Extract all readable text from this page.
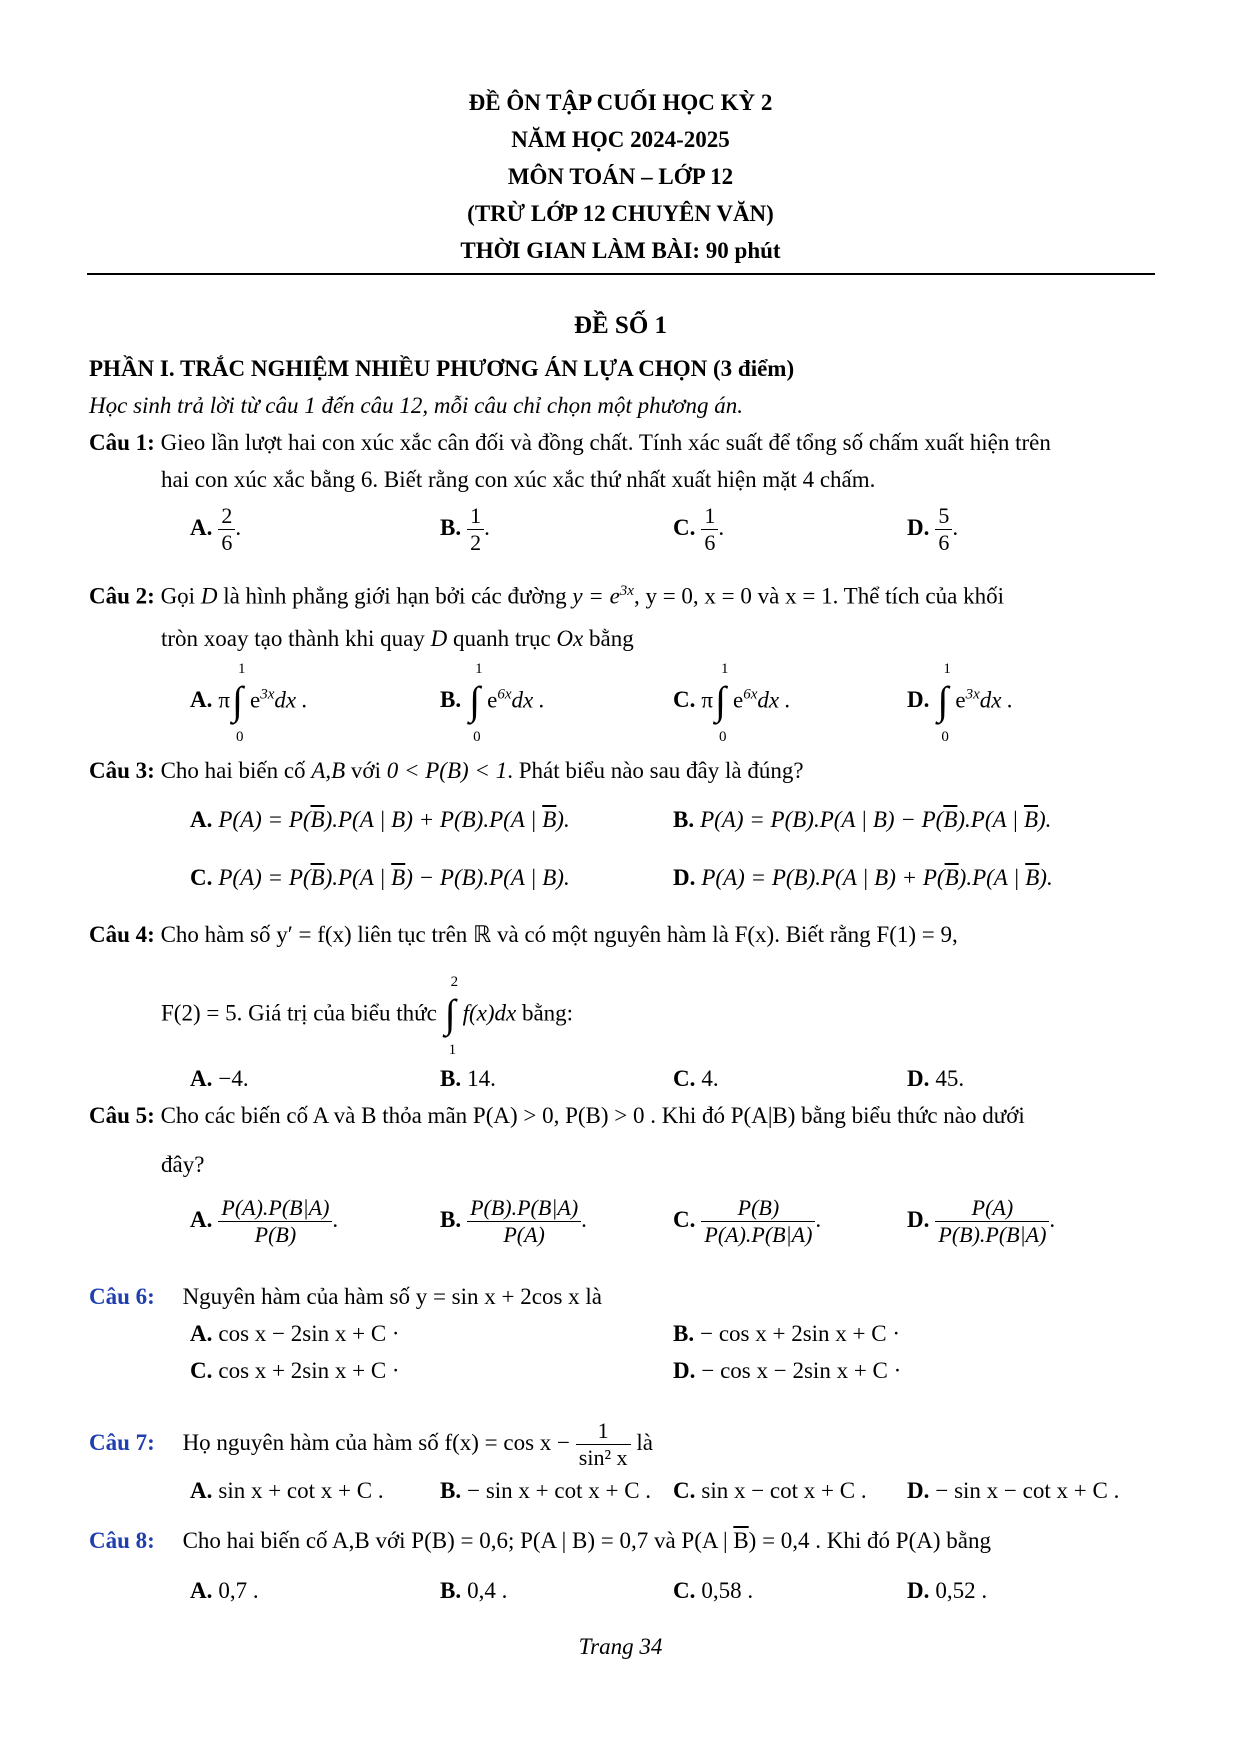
ĐỀ ÔN TẬP CUỐI HỌC KỲ 2
NĂM HỌC 2024-2025
MÔN TOÁN – LỚP 12
(TRỪ LỚP 12 CHUYÊN VĂN)
THỜI GIAN LÀM BÀI: 90 phút
ĐỀ SỐ 1
PHẦN I. TRẮC NGHIỆM NHIỀU PHƯƠNG ÁN LỰA CHỌN (3 điểm)
Học sinh trả lời từ câu 1 đến câu 12, mỗi câu chỉ chọn một phương án.
Câu 1: Gieo lần lượt hai con xúc xắc cân đối và đồng chất. Tính xác suất để tổng số chấm xuất hiện trên
hai con xúc xắc bằng 6. Biết rằng con xúc xắc thứ nhất xuất hiện mặt 4 chấm.
A. $\frac{2}{6}$ .	B. $\frac{1}{2}$ .	C. $\frac{1}{6}$ .	D. $\frac{5}{6}$ .
Câu 2: Gọi D là hình phẳng giới hạn bởi các đường $y = e^{3x}$, y = 0, x = 0 và x = 1. Thể tích của khối
tròn xoay tạo thành khi quay D quanh trục Ox bằng
A. π
1
∫
0
$e^{3x}dx$ .	B.
1
∫
0
$e^{6x}dx$ .	C. π
1
∫
0
$e^{6x}dx$ .	D.
1
∫
0
$e^{3x}dx$ .
Câu 3: Cho hai biến cố A,B với 0 < P(B) < 1. Phát biểu nào sau đây là đúng?
A. $P(A) = P(\overline{B}).P(A$ | B) + P(B).P(A | $\overline{B}$).	B. P(A) = P(B).P(A | $B) - P(\overline{B}).P(A$ | $\overline{B}$).
C. $P(A) = P(\overline{B}).P(A$ | $\overline{B}) - P(B).P(A$ | B).	D. P(A) = P(B).P(A | $B) + P(\overline{B}).P(A$ | $\overline{B}$).
Câu 4: Cho hàm số y′ = f(x) liên tục trên ℝ và có một nguyên hàm là F(x). Biết rằng F(1) = 9,
F(2) = 5. Giá trị của biểu thức
2
∫
1
f(x)dx bằng:
A. −4.	B. 14.	C. 4.	D. 45.
Câu 5: Cho các biến cố A và B thỏa mãn P(A) > 0, P(B) > 0 . Khi đó P(A|B) bằng biểu thức nào dưới
đây?
A. $\frac{P(A).P(B|A)}{P(B)}$ .	B. $\frac{P(B).P(B|A)}{P(A)}$ .	C. $\frac{P(B)}{P(A).P(B|A)}$ .	D. $\frac{P(A)}{P(B).P(B|A)}$ .
Câu 6: Nguyên hàm của hàm số y = sin x + 2cos x là
A. cos x − 2sin x + C ·	B. − cos x + 2sin x + C ·
C. cos x + 2sin x + C ·	D. − cos x − 2sin x + C ·
Câu 7: Họ nguyên hàm của hàm số $f(x) = \cos x - \frac{1}{\text{sin² x}}$ là
A. sin x + cot x + C . B. − sin x + cot x + C . C. sin x − cot x + C . D. − sin x − cot x + C .
Câu 8: Cho hai biến cố A,B với P(B) = 0,6; P(A | B) = 0,7 và P(A | $\overline{B}) = 0,4$ . Khi đó P(A) bằng
A. 0,7 .	B. 0,4 .	C. 0,58 .	D. 0,52 .
Trang 34
